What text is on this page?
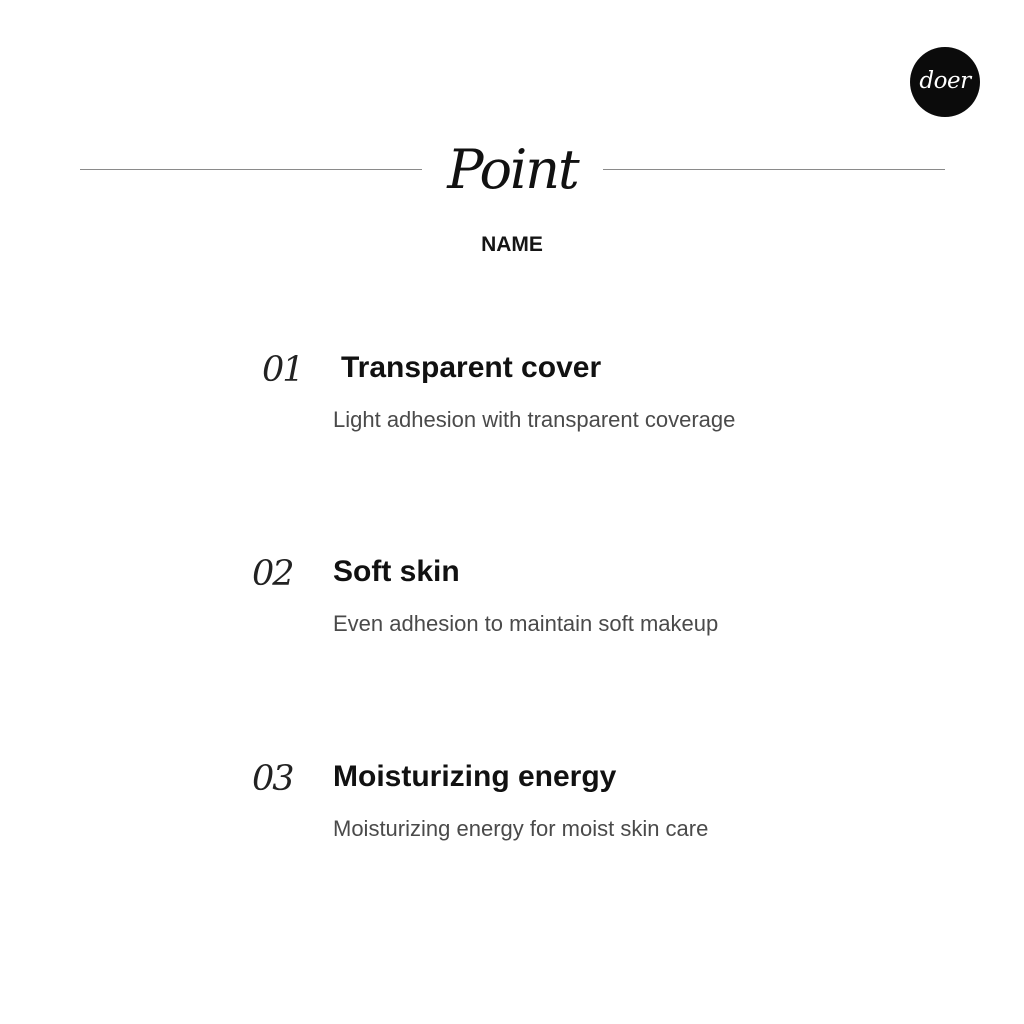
doer
Point
NAME
01 Transparent cover
Light adhesion with transparent coverage
02 Soft skin
Even adhesion to maintain soft makeup
03 Moisturizing energy
Moisturizing energy for moist skin care
